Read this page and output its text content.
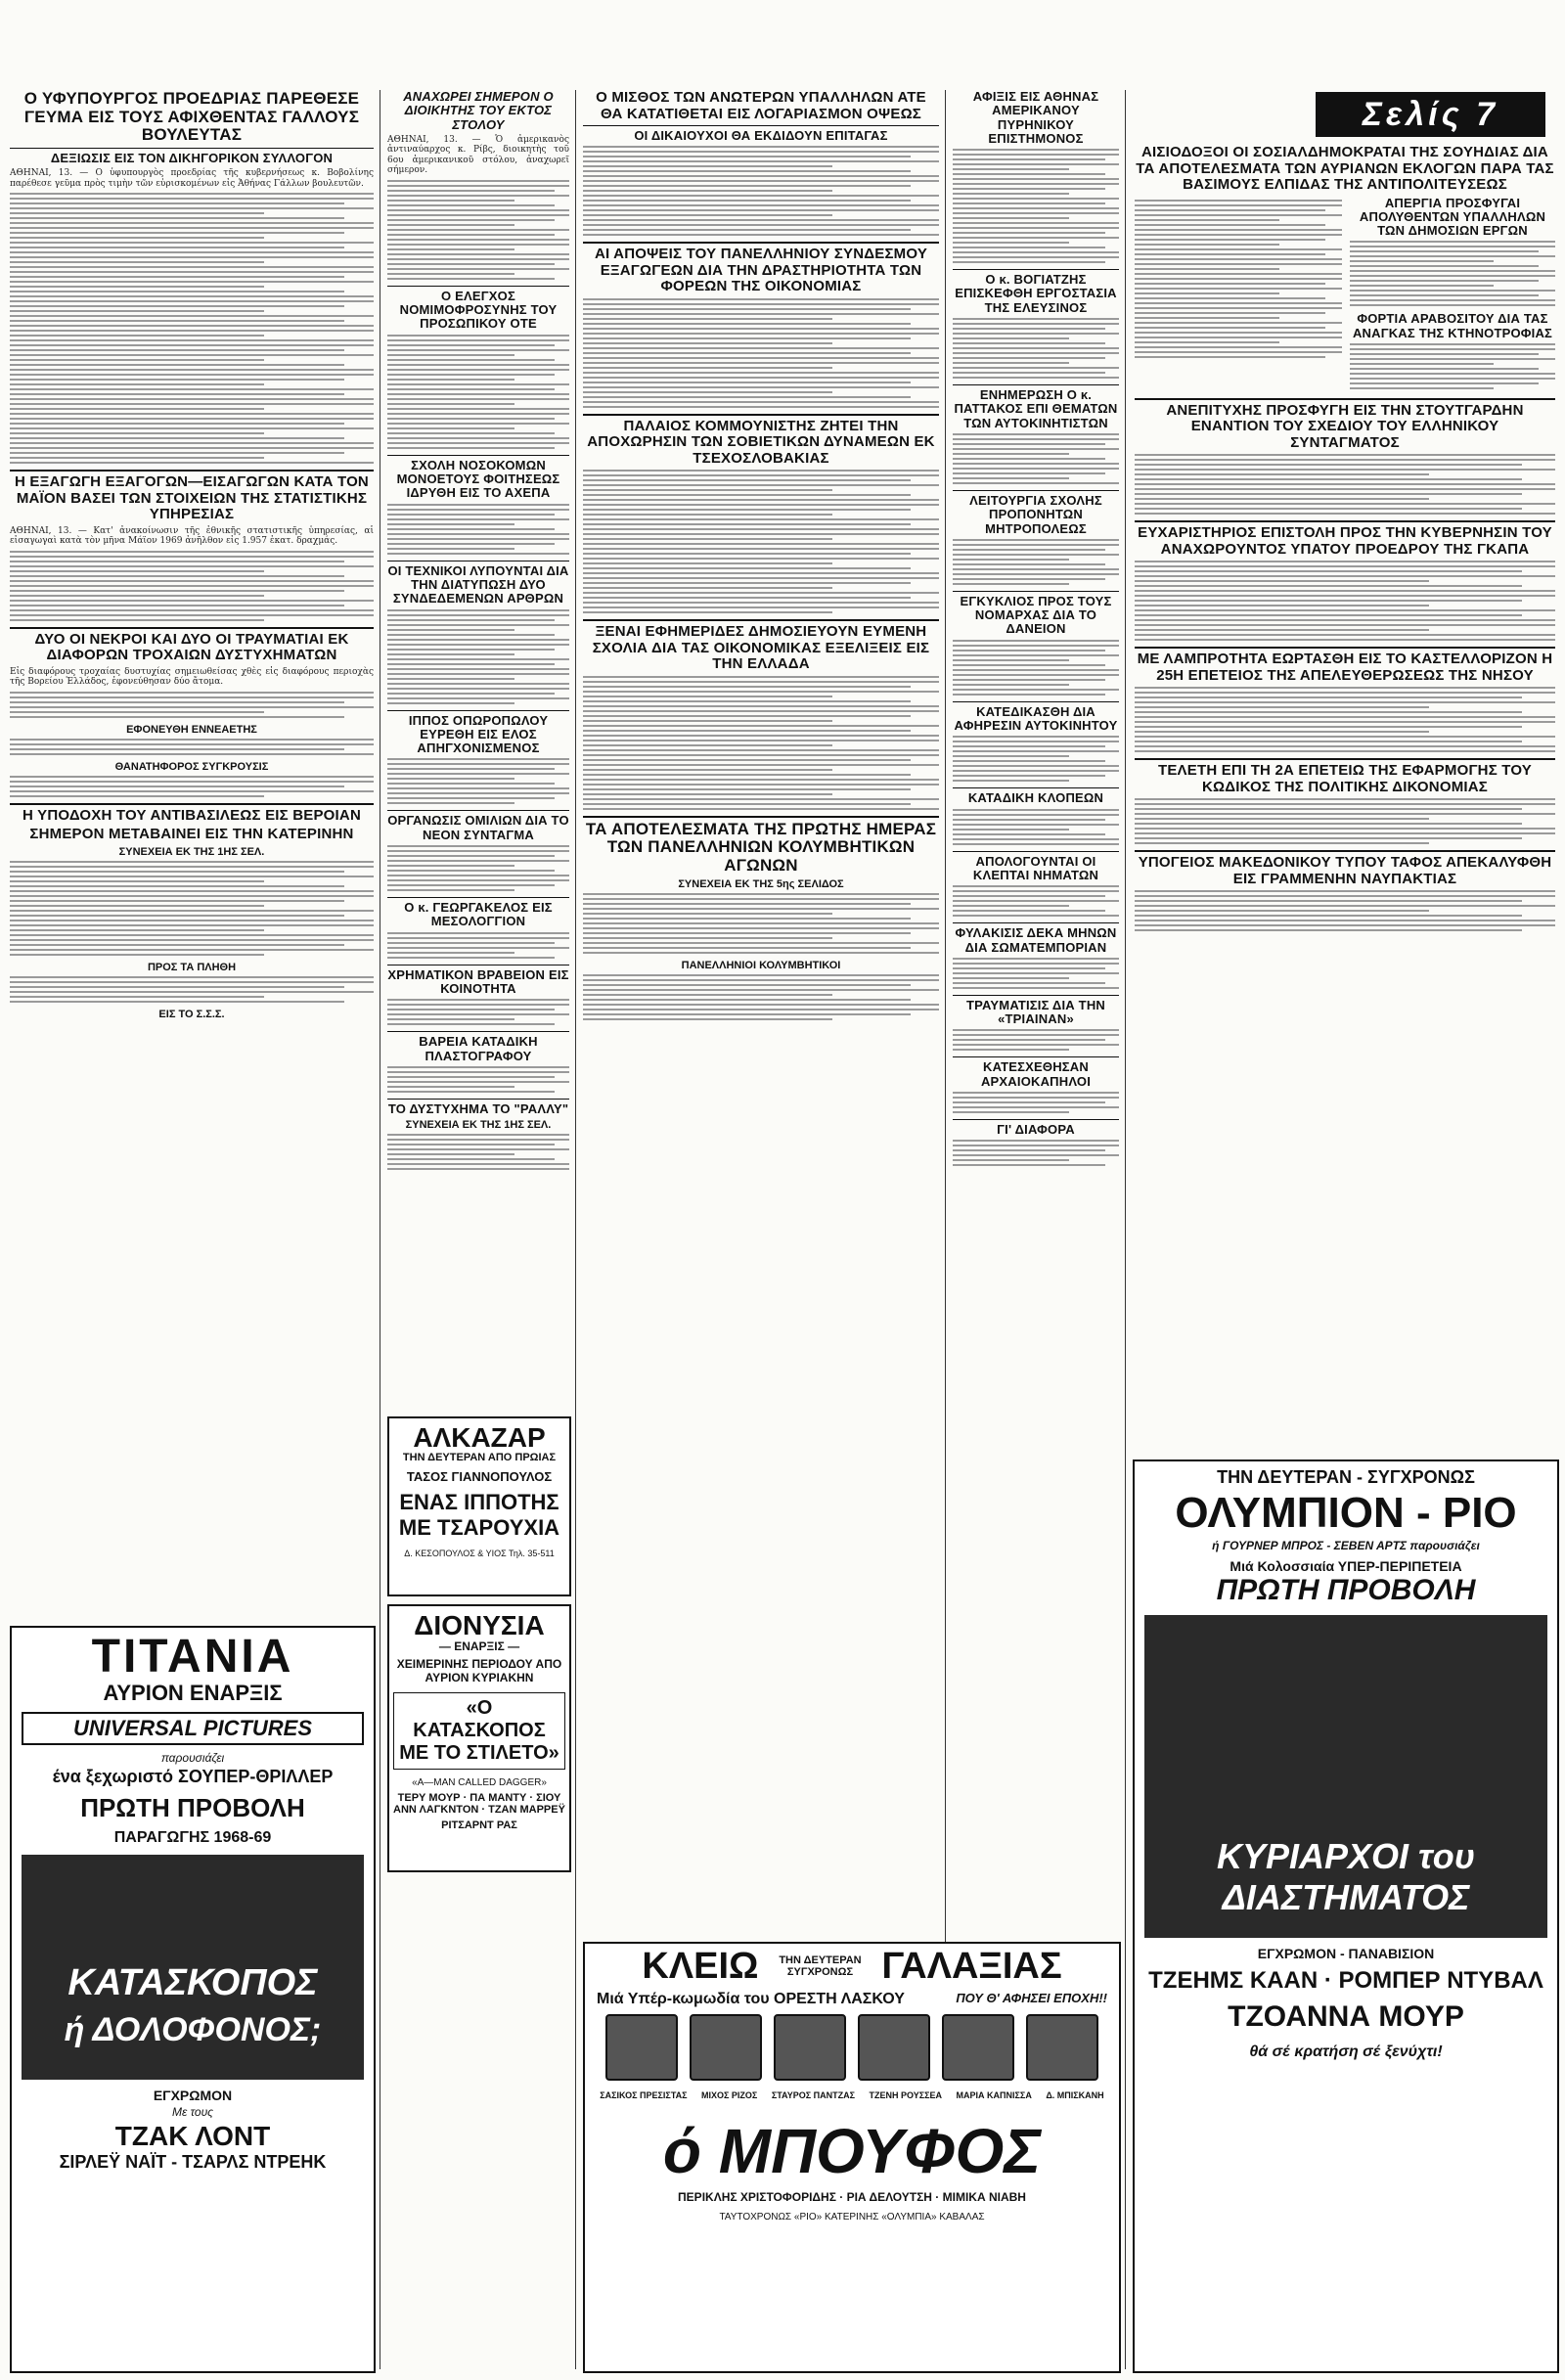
Σελίς 7
Ο ΥΦΥΠΟΥΡΓΟΣ ΠΡΟΕΔΡΙΑΣ ΠΑΡΕΘΕΣΕ ΓΕΥΜΑ ΕΙΣ ΤΟΥΣ ΑΦΙΧΘΕΝΤΑΣ ΓΑΛΛΟΥΣ ΒΟΥΛΕΥΤΑΣ
ΔΕΞΙΩΣΙΣ ΕΙΣ ΤΟΝ ΔΙΚΗΓΟΡΙΚΟΝ ΣΥΛΛΟΓΟΝ

ΑΘΗΝΑΙ, 13. — Ο ὑφυπουργὸς προεδρίας τῆς κυβερνήσεως κ. Βοβολίνης παρέθεσε γεῦμα πρὸς τιμὴν τῶν εὑρισκομένων εἰς Ἀθήνας Γάλλων βουλευτῶν.

Η ΕΞΑΓΩΓΗ ΕΞΑΓΟΓΩΝ—ΕΙΣΑΓΩΓΩΝ ΚΑΤΑ ΤΟΝ ΜΑΪΟΝ ΒΑΣΕΙ ΤΩΝ ΣΤΟΙΧΕΙΩΝ ΤΗΣ ΣΤΑΤΙΣΤΙΚΗΣ ΥΠΗΡΕΣΙΑΣ

ΑΘΗΝΑΙ, 13. — Κατ' ἀνακοίνωσιν τῆς ἐθνικῆς στατιστικῆς ὑπηρεσίας, αἱ εἰσαγωγαὶ κατὰ τὸν μῆνα Μάϊον 1969 ἀνῆλθον εἰς 1.957 ἑκατ. δραχμάς.

ΔΥΟ ΟΙ ΝΕΚΡΟΙ ΚΑΙ ΔΥΟ ΟΙ ΤΡΑΥΜΑΤΙΑΙ ΕΚ ΔΙΑΦΟΡΩΝ ΤΡΟΧΑΙΩΝ ΔΥΣΤΥΧΗΜΑΤΩΝ

Εἰς διαφόρους τροχαίας δυστυχίας σημειωθείσας χθὲς εἰς διαφόρους περιοχὰς τῆς Βορείου Ἑλλάδος, ἐφονεύθησαν δύο ἄτομα.

ΕΦΟΝΕΥΘΗ ΕΝΝΕΑΕΤΗΣ
ΘΑΝΑΤΗΦΟΡΟΣ ΣΥΓΚΡΟΥΣΙΣ
Η ΥΠΟΔΟΧΗ ΤΟΥ ΑΝΤΙΒΑΣΙΛΕΩΣ ΕΙΣ ΒΕΡΟΙΑΝ
ΣΗΜΕΡΟΝ ΜΕΤΑΒΑΙΝΕΙ ΕΙΣ ΤΗΝ ΚΑΤΕΡΙΝΗΝ
ΣΥΝΕΧΕΙΑ ΕΚ ΤΗΣ 1ΗΣ ΣΕΛ.
ΠΡΟΣ ΤΑ ΠΛΗΘΗ
ΕΙΣ ΤΟ Σ.Σ.Σ.
ΤΙΤΑΝΙΑ
ΑΥΡΙΟΝ ΕΝΑΡΞΙΣ
UNIVERSAL PICTURES
παρουσιάζει
ένα ξεχωριστό ΣΟΥΠΕΡ-ΘΡΙΛΛΕΡ
ΠΡΩΤΗ ΠΡΟΒΟΛΗ
ΠΑΡΑΓΩΓΗΣ 1968-69
ΚΑΤΑΣΚΟΠΟΣ
ή ΔΟΛΟΦΟΝΟΣ;
ΕΓΧΡΩΜΟΝ
Με τους
ΤΖΑΚ ΛΟΝΤ
ΣΙΡΛΕΫ ΝΑΪΤ - ΤΣΑΡΛΣ ΝΤΡΕΗΚ
ΑΝΑΧΩΡΕΙ ΣΗΜΕΡΟΝ Ο ΔΙΟΙΚΗΤΗΣ ΤΟΥ ΕΚΤΟΣ ΣΤΟΛΟΥ

ΑΘΗΝΑΙ, 13. — Ὁ ἀμερικανὸς ἀντιναύαρχος κ. Ρίβς, διοικητὴς τοῦ 6ου ἀμερικανικοῦ στόλου, ἀναχωρεῖ σήμερον.

Ο ΕΛΕΓΧΟΣ ΝΟΜΙΜΟΦΡΟΣΥΝΗΣ ΤΟΥ ΠΡΟΣΩΠΙΚΟΥ ΟΤΕ
ΣΧΟΛΗ ΝΟΣΟΚΟΜΩΝ ΜΟΝΟΕΤΟΥΣ ΦΟΙΤΗΣΕΩΣ ΙΔΡΥΘΗ ΕΙΣ ΤΟ ΑΧΕΠΑ
ΟΙ ΤΕΧΝΙΚΟΙ ΛΥΠΟΥΝΤΑΙ ΔΙΑ ΤΗΝ ΔΙΑΤΥΠΩΣΗ ΔΥΟ ΣΥΝΔΕΔΕΜΕΝΩΝ ΑΡΘΡΩΝ
ΙΠΠΟΣ ΟΠΩΡΟΠΩΛΟΥ ΕΥΡΕΘΗ ΕΙΣ ΕΛΟΣ ΑΠΗΓΧΟΝΙΣΜΕΝΟΣ
ΟΡΓΑΝΩΣΙΣ ΟΜΙΛΙΩΝ ΔΙΑ ΤΟ ΝΕΟΝ ΣΥΝΤΑΓΜΑ
Ο κ. ΓΕΩΡΓΑΚΕΛΟΣ ΕΙΣ ΜΕΣΟΛΟΓΓΙΟΝ
ΧΡΗΜΑΤΙΚΟΝ ΒΡΑΒΕΙΟΝ ΕΙΣ ΚΟΙΝΟΤΗΤΑ
ΒΑΡΕΙΑ ΚΑΤΑΔΙΚΗ ΠΛΑΣΤΟΓΡΑΦΟΥ
ΤΟ ΔΥΣΤΥΧΗΜΑ ΤΟ "ΡΑΛΛΥ"
ΣΥΝΕΧΕΙΑ ΕΚ ΤΗΣ 1ΗΣ ΣΕΛ.
ΑΛΚΑΖΑΡ
ΤΗΝ ΔΕΥΤΕΡΑΝ ΑΠΟ ΠΡΩΙΑΣ
ΤΑΣΟΣ ΓΙΑΝΝΟΠΟΥΛΟΣ
ΕΝΑΣ ΙΠΠΟΤΗΣ ΜΕ ΤΣΑΡΟΥΧΙΑ
Δ. ΚΕΣΟΠΟΥΛΟΣ & ΥΙΟΣ Τηλ. 35-511
ΔΙΟΝΥΣΙΑ
— ΕΝΑΡΞΙΣ —
ΧΕΙΜΕΡΙΝΗΣ ΠΕΡΙΟΔΟΥ ΑΠΟ ΑΥΡΙΟΝ ΚΥΡΙΑΚΗΝ
«Ο ΚΑΤΑΣΚΟΠΟΣ ΜΕ ΤΟ ΣΤΙΛΕΤΟ»
«A—MAN CALLED DAGGER»
ΤΕΡΥ ΜΟΥΡ · ΠΑ ΜΑΝΤΥ · ΣΙΟΥ ΑΝΝ ΛΑΓΚΝΤΟΝ · ΤΖΑΝ ΜΑΡΡΕΫ
ΡΙΤΣΑΡΝΤ ΡΑΣ
Ο ΜΙΣΘΟΣ ΤΩΝ ΑΝΩΤΕΡΩΝ ΥΠΑΛΛΗΛΩΝ ΑΤΕ ΘΑ ΚΑΤΑΤΙΘΕΤΑΙ ΕΙΣ ΛΟΓΑΡΙΑΣΜΟΝ ΟΨΕΩΣ
ΟΙ ΔΙΚΑΙΟΥΧΟΙ ΘΑ ΕΚΔΙΔΟΥΝ ΕΠΙΤΑΓΑΣ
ΑΙ ΑΠΟΨΕΙΣ ΤΟΥ ΠΑΝΕΛΛΗΝΙΟΥ ΣΥΝΔΕΣΜΟΥ ΕΞΑΓΩΓΕΩΝ ΔΙΑ ΤΗΝ ΔΡΑΣΤΗΡΙΟΤΗΤΑ ΤΩΝ ΦΟΡΕΩΝ ΤΗΣ ΟΙΚΟΝΟΜΙΑΣ
ΠΑΛΑΙΟΣ ΚΟΜΜΟΥΝΙΣΤΗΣ ΖΗΤΕΙ ΤΗΝ ΑΠΟΧΩΡΗΣΙΝ ΤΩΝ ΣΟΒΙΕΤΙΚΩΝ ΔΥΝΑΜΕΩΝ ΕΚ ΤΣΕΧΟΣΛΟΒΑΚΙΑΣ
ΞΕΝΑΙ ΕΦΗΜΕΡΙΔΕΣ ΔΗΜΟΣΙΕΥΟΥΝ ΕΥΜΕΝΗ ΣΧΟΛΙΑ ΔΙΑ ΤΑΣ ΟΙΚΟΝΟΜΙΚΑΣ ΕΞΕΛΙΞΕΙΣ ΕΙΣ ΤΗΝ ΕΛΛΑΔΑ
ΤΑ ΑΠΟΤΕΛΕΣΜΑΤΑ ΤΗΣ ΠΡΩΤΗΣ ΗΜΕΡΑΣ ΤΩΝ ΠΑΝΕΛΛΗΝΙΩΝ ΚΟΛΥΜΒΗΤΙΚΩΝ ΑΓΩΝΩΝ
ΣΥΝΕΧΕΙΑ ΕΚ ΤΗΣ 5ης ΣΕΛΙΔΟΣ
ΠΑΝΕΛΛΗΝΙΟΙ ΚΟΛΥΜΒΗΤΙΚΟΙ
ΚΛΕΙΩ	ΤΗΝ ΔΕΥΤΕΡΑΝ ΣΥΓΧΡΟΝΩΣ ΓΑΛΑΞΙΑΣ
Μιά Υπέρ-κωμωδία του ΟΡΕΣΤΗ ΛΑΣΚΟΥ	ΠΟΥ Θ' ΑΦΗΣΕΙ ΕΠΟΧΗ!!
ΣΑΣΙΚΟΣ ΠΡΕΣΙΣΤΑΣ ΜΙΧΟΣ ΡΙΖΟΣ ΣΤΑΥΡΟΣ ΠΑΝΤΖΑΣ ΤΖΕΝΗ ΡΟΥΣΣΕΑ ΜΑΡΙΑ ΚΑΠΝΙΣΣΑ Δ. ΜΠΙΣΚΑΝΗ
ό ΜΠΟΥΦΟΣ
ΠΕΡΙΚΛΗΣ ΧΡΙΣΤΟΦΟΡΙΔΗΣ · ΡΙΑ ΔΕΛΟΥΤΣΗ · ΜΙΜΙΚΑ ΝΙΑΒΗ
ΤΑΥΤΟΧΡΟΝΩΣ «ΡΙΟ» ΚΑΤΕΡΙΝΗΣ «ΟΛΥΜΠΙΑ» ΚΑΒΑΛΑΣ
ΑΦΙΞΙΣ ΕΙΣ ΑΘΗΝΑΣ ΑΜΕΡΙΚΑΝΟΥ ΠΥΡΗΝΙΚΟΥ ΕΠΙΣΤΗΜΟΝΟΣ
Ο κ. ΒΟΓΙΑΤΖΗΣ ΕΠΙΣΚΕΦΘΗ ΕΡΓΟΣΤΑΣΙΑ ΤΗΣ ΕΛΕΥΣΙΝΟΣ
ΕΝΗΜΕΡΩΣΗ Ο κ. ΠΑΤΤΑΚΟΣ ΕΠΙ ΘΕΜΑΤΩΝ ΤΩΝ ΑΥΤΟΚΙΝΗΤΙΣΤΩΝ
ΛΕΙΤΟΥΡΓΙΑ ΣΧΟΛΗΣ ΠΡΟΠΟΝΗΤΩΝ ΜΗΤΡΟΠΟΛΕΩΣ
ΕΓΚΥΚΛΙΟΣ ΠΡΟΣ ΤΟΥΣ ΝΟΜΑΡΧΑΣ ΔΙΑ ΤΟ ΔΑΝΕΙΟΝ
ΚΑΤΕΔΙΚΑΣΘΗ ΔΙΑ ΑΦΗΡΕΣΙΝ ΑΥΤΟΚΙΝΗΤΟΥ
ΚΑΤΑΔΙΚΗ ΚΛΟΠΕΩΝ
ΑΠΟΛΟΓΟΥΝΤΑΙ ΟΙ ΚΛΕΠΤΑΙ ΝΗΜΑΤΩΝ
ΦΥΛΑΚΙΣΙΣ ΔΕΚΑ ΜΗΝΩΝ ΔΙΑ ΣΩΜΑΤΕΜΠΟΡΙΑΝ
ΤΡΑΥΜΑΤΙΣΙΣ ΔΙΑ ΤΗΝ «ΤΡΙΑΙΝΑΝ»
ΚΑΤΕΣΧΕΘΗΣΑΝ ΑΡΧΑΙΟΚΑΠΗΛΟΙ
ΓΙ' ΔΙΑΦΟΡΑ
ΑΙΣΙΟΔΟΞΟΙ ΟΙ ΣΟΣΙΑΛΔΗΜΟΚΡΑΤΑΙ ΤΗΣ ΣΟΥΗΔΙΑΣ ΔΙΑ ΤΑ ΑΠΟΤΕΛΕΣΜΑΤΑ ΤΩΝ ΑΥΡΙΑΝΩΝ ΕΚΛΟΓΩΝ ΠΑΡΑ ΤΑΣ ΒΑΣΙΜΟΥΣ ΕΛΠΙΔΑΣ ΤΗΣ ΑΝΤΙΠΟΛΙΤΕΥΣΕΩΣ
ΑΠΕΡΓΙΑ ΠΡΟΣΦΥΓΑΙ ΑΠΟΛΥΘΕΝΤΩΝ ΥΠΑΛΛΗΛΩΝ ΤΩΝ ΔΗΜΟΣΙΩΝ ΕΡΓΩΝ
ΦΟΡΤΙΑ ΑΡΑΒΟΣΙΤΟΥ ΔΙΑ ΤΑΣ ΑΝΑΓΚΑΣ ΤΗΣ ΚΤΗΝΟΤΡΟΦΙΑΣ
ΑΝΕΠΙΤΥΧΗΣ ΠΡΟΣΦΥΓΗ ΕΙΣ ΤΗΝ ΣΤΟΥΤΓΑΡΔΗΝ ΕΝΑΝΤΙΟΝ ΤΟΥ ΣΧΕΔΙΟΥ ΤΟΥ ΕΛΛΗΝΙΚΟΥ ΣΥΝΤΑΓΜΑΤΟΣ
ΕΥΧΑΡΙΣΤΗΡΙΟΣ ΕΠΙΣΤΟΛΗ ΠΡΟΣ ΤΗΝ ΚΥΒΕΡΝΗΣΙΝ ΤΟΥ ΑΝΑΧΩΡΟΥΝΤΟΣ ΥΠΑΤΟΥ ΠΡΟΕΔΡΟΥ ΤΗΣ ΓΚΑΠΑ
ΜΕ ΛΑΜΠΡΟΤΗΤΑ ΕΩΡΤΑΣΘΗ ΕΙΣ ΤΟ ΚΑΣΤΕΛΛΟΡΙΖΟΝ Η 25Η ΕΠΕΤΕΙΟΣ ΤΗΣ ΑΠΕΛΕΥΘΕΡΩΣΕΩΣ ΤΗΣ ΝΗΣΟΥ
ΤΕΛΕΤΗ ΕΠΙ ΤΗ 2Α ΕΠΕΤΕΙΩ ΤΗΣ ΕΦΑΡΜΟΓΗΣ ΤΟΥ ΚΩΔΙΚΟΣ ΤΗΣ ΠΟΛΙΤΙΚΗΣ ΔΙΚΟΝΟΜΙΑΣ
ΥΠΟΓΕΙΟΣ ΜΑΚΕΔΟΝΙΚΟΥ ΤΥΠΟΥ ΤΑΦΟΣ ΑΠΕΚΑΛΥΦΘΗ ΕΙΣ ΓΡΑΜΜΕΝΗΝ ΝΑΥΠΑΚΤΙΑΣ
ΤΗΝ ΔΕΥΤΕΡΑΝ - ΣΥΓΧΡΟΝΩΣ
ΟΛΥΜΠΙΟΝ - ΡΙΟ
ή ΓΟΥΡΝΕΡ ΜΠΡΟΣ - ΣΕΒΕΝ ΑΡΤΣ παρουσιάζει
Μιά Κολοσσιαία ΥΠΕΡ-ΠΕΡΙΠΕΤΕΙΑ
ΠΡΩΤΗ ΠΡΟΒΟΛΗ
ΚΥΡΙΑΡΧΟΙ του ΔΙΑΣΤΗΜΑΤΟΣ
ΕΓΧΡΩΜΟΝ - ΠΑΝΑΒΙΣΙΟΝ
ΤΖΕΗΜΣ ΚΑΑΝ · ΡΟΜΠΕΡ ΝΤΥΒΑΛ
ΤΖΟΑΝΝΑ ΜΟΥΡ
θά σέ κρατήση σέ ξενύχτι!
